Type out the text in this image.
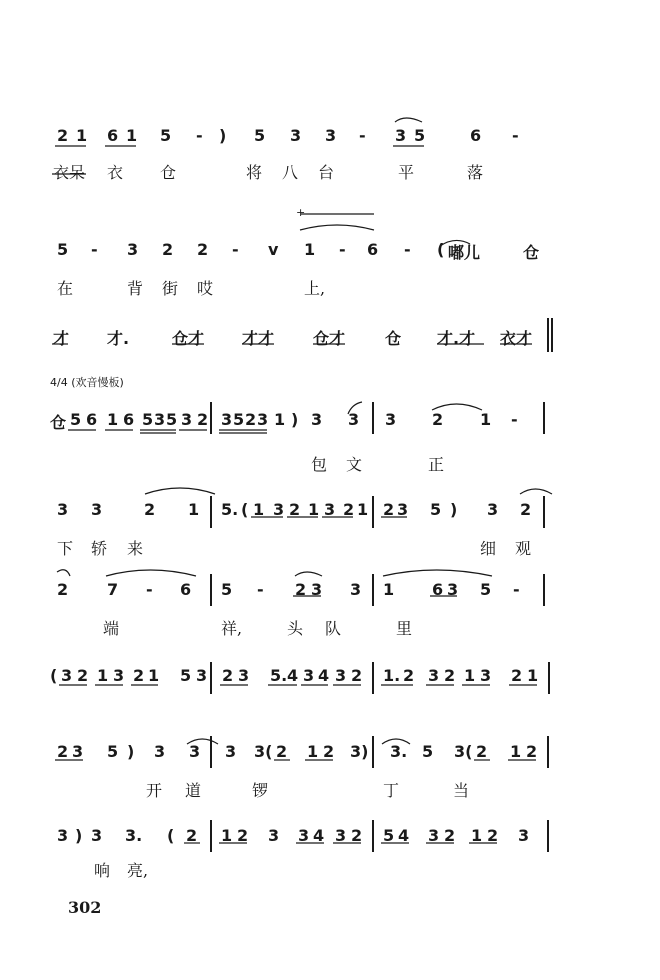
2 1 6 1 5 - ) 5 3 3 - 3 5	6 -
衣呆 衣 仓	将 八 台	平	落
5 - 3 2 2 - v 1 - 6 - ( 嘟儿	仓
在	背 街 哎	上,
才 才.	仓才 才才 仓才 仓 才.才 衣才
仓 5 6 1 6 5 3 5 3 2 3 5 2 3 1 ) 3 3 3 2 1 -
包 文	正
3 3	2 1 5. ( 1 3 2 1 3 2 1 2 3 5 ) 3 2
下 轿 来	细 观
2 7 - 6 5 - 2 3 3 1 6 3 5 -
端	祥,	头 队	里
( 3 2 1 3 2 1 5 3 2 3 5. 4 3 4 3 2 1. 2 3 2 1 3 2 1
2 3 5 ) 3 3 3 3( 2 1 2 3) 3. 5 3( 2 1 2
开 道	锣	丁	当
3 ) 3 3. ( 2 1 2 3 3 4 3 2 5 4 3 2 1 2 3
响 亮,
4/4 (欢音慢板)
302
+
